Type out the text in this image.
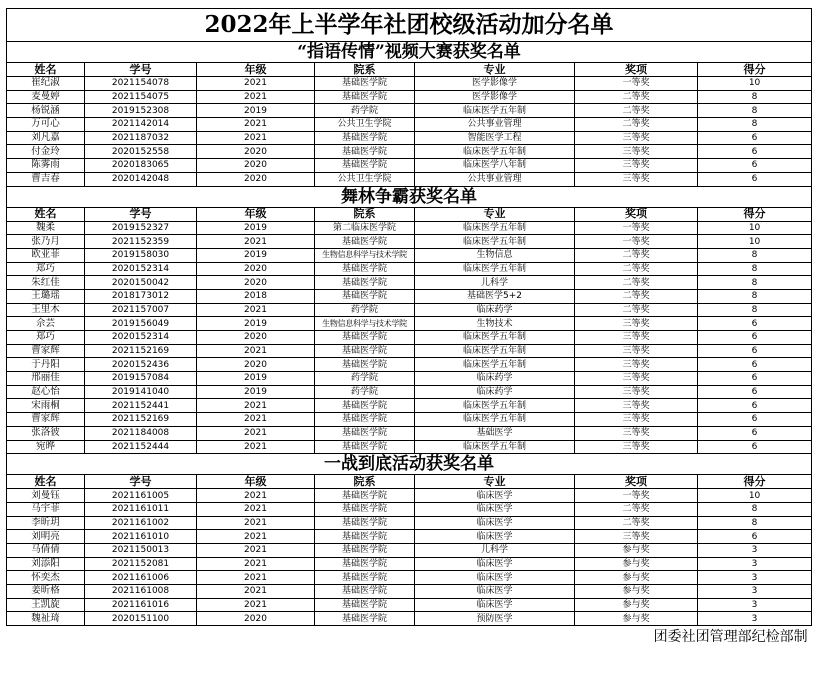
2022年上半学年社团校级活动加分名单						
“指语传情”视频大赛获奖名单						
姓名	学号	年级	院系	专业	奖项	得分
崔纪淑	2021154078	2021	基础医学院	医学影像学	一等奖	10
麦曼婷	2021154075	2021	基础医学院	医学影像学	二等奖	8
杨锐涵	2019152308	2019	药学院	临床医学五年制	二等奖	8
万可心	2021142014	2021	公共卫生学院	公共事业管理	二等奖	8
刘凡嘉	2021187032	2021	基础医学院	智能医学工程	三等奖	6
付金玲	2020152558	2020	基础医学院	临床医学五年制	三等奖	6
陈雾雨	2020183065	2020	基础医学院	临床医学八年制	三等奖	6
曹吉春	2020142048	2020	公共卫生学院	公共事业管理	三等奖	6
舞林争霸获奖名单						
姓名	学号	年级	院系	专业	奖项	得分
魏柔	2019152327	2019	第二临床医学院	临床医学五年制	一等奖	10
张乃月	2021152359	2021	基础医学院	临床医学五年制	一等奖	10
欧亚菲	2019158030	2019	生物信息科学与技术学院	生物信息	二等奖	8
郑巧	2020152314	2020	基础医学院	临床医学五年制	二等奖	8
朱红佳	2020150042	2020	基础医学院	儿科学	二等奖	8
王璐瑶	2018173012	2018	基础医学院	基础医学5+2	二等奖	8
王里木	2021157007	2021	药学院	临床药学	二等奖	8
佘芸	2019156049	2019	生物信息科学与技术学院	生物技术	三等奖	6
郑巧	2020152314	2020	基础医学院	临床医学五年制	三等奖	6
曹家辉	2021152169	2021	基础医学院	临床医学五年制	三等奖	6
于丹阳	2020152436	2020	基础医学院	临床医学五年制	三等奖	6
邢丽佳	2019157084	2019	药学院	临床药学	三等奖	6
赵心怡	2019141040	2019	药学院	临床药学	三等奖	6
宋雨桐	2021152441	2021	基础医学院	临床医学五年制	三等奖	6
曹家辉	2021152169	2021	基础医学院	临床医学五年制	三等奖	6
张洛彼	2021184008	2021	基础医学院	基础医学	三等奖	6
宛晔	2021152444	2021	基础医学院	临床医学五年制	三等奖	6
一战到底活动获奖名单						
姓名	学号	年级	院系	专业	奖项	得分
刘曼钰	2021161005	2021	基础医学院	临床医学	一等奖	10
马宇菲	2021161011	2021	基础医学院	临床医学	二等奖	8
李昕玥	2021161002	2021	基础医学院	临床医学	二等奖	8
刘明亮	2021161010	2021	基础医学院	临床医学	三等奖	6
马倩倩	2021150013	2021	基础医学院	儿科学	参与奖	3
刘添阳	2021152081	2021	基础医学院	临床医学	参与奖	3
怀奕杰	2021161006	2021	基础医学院	临床医学	参与奖	3
姜昕格	2021161008	2021	基础医学院	临床医学	参与奖	3
王凯旋	2021161016	2021	基础医学院	临床医学	参与奖	3
魏祉琦	2020151100	2020	基础医学院	预防医学	参与奖	3
团委社团管理部纪检部制						
